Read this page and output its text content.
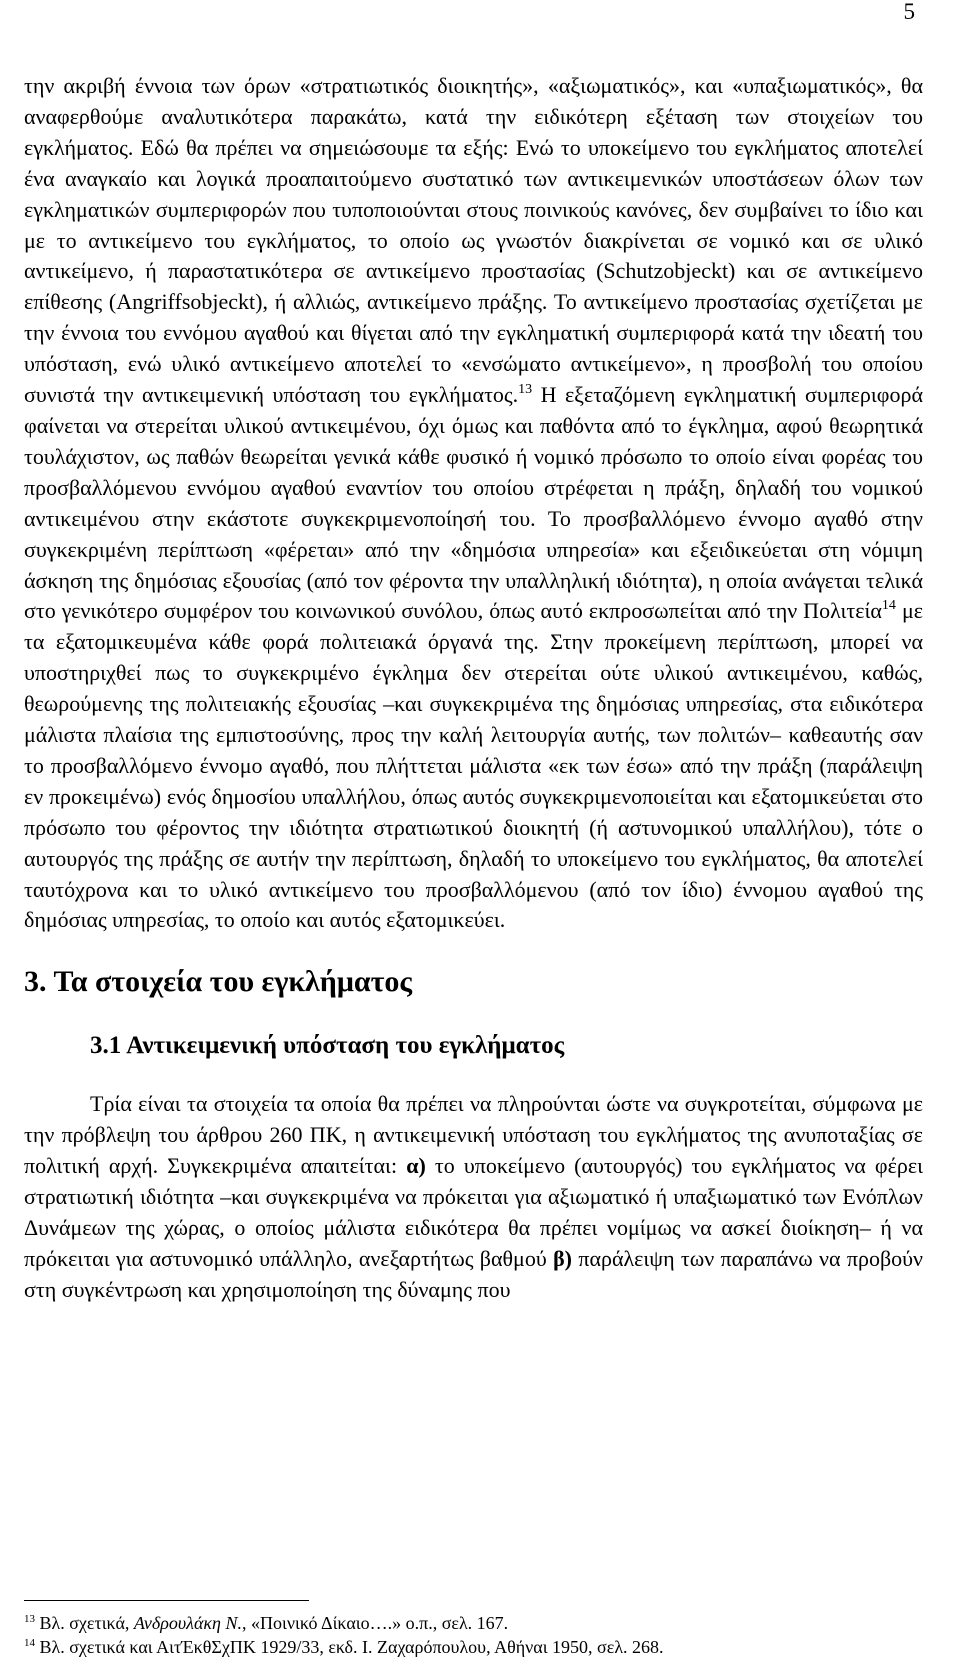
5

την ακριβή έννοια των όρων «στρατιωτικός διοικητής», «αξιωματικός», και «υπαξιωματικός», θα αναφερθούμε αναλυτικότερα παρακάτω, κατά την ειδικότερη εξέταση των στοιχείων του εγκλήματος. Εδώ θα πρέπει να σημειώσουμε τα εξής: Ενώ το υποκείμενο του εγκλήματος αποτελεί ένα αναγκαίο και λογικά προαπαιτούμενο συστατικό των αντικειμενικών υποστάσεων όλων των εγκληματικών συμπεριφορών που τυποποιούνται στους ποινικούς κανόνες, δεν συμβαίνει το ίδιο και με το αντικείμενο του εγκλήματος, το οποίο ως γνωστόν διακρίνεται σε νομικό και σε υλικό αντικείμενο, ή παραστατικότερα σε αντικείμενο προστασίας (Schutzobjeckt) και σε αντικείμενο επίθεσης (Angriffsobjeckt), ή αλλιώς, αντικείμενο πράξης. Το αντικείμενο προστασίας σχετίζεται με την έννοια του εννόμου αγαθού και θίγεται από την εγκληματική συμπεριφορά κατά την ιδεατή του υπόσταση, ενώ υλικό αντικείμενο αποτελεί το «ενσώματο αντικείμενο», η προσβολή του οποίου συνιστά την αντικειμενική υπόσταση του εγκλήματος.$^{13}$ Η εξεταζόμενη εγκληματική συμπεριφορά φαίνεται να στερείται υλικού αντικειμένου, όχι όμως και παθόντα από το έγκλημα, αφού θεωρητικά τουλάχιστον, ως παθών θεωρείται γενικά κάθε φυσικό ή νομικό πρόσωπο το οποίο είναι φορέας του προσβαλλόμενου εννόμου αγαθού εναντίον του οποίου στρέφεται η πράξη, δηλαδή του νομικού αντικειμένου στην εκάστοτε συγκεκριμενοποίησή του. Το προσβαλλόμενο έννομο αγαθό στην συγκεκριμένη περίπτωση «φέρεται» από την «δημόσια υπηρεσία» και εξειδικεύεται στη νόμιμη άσκηση της δημόσιας εξουσίας (από τον φέροντα την υπαλληλική ιδιότητα), η οποία ανάγεται τελικά στο γενικότερο συμφέρον του κοινωνικού συνόλου, όπως αυτό εκπροσωπείται από την Πολιτεία$^{14}$ με τα εξατομικευμένα κάθε φορά πολιτειακά όργανά της. Στην προκείμενη περίπτωση, μπορεί να υποστηριχθεί πως το συγκεκριμένο έγκλημα δεν στερείται ούτε υλικού αντικειμένου, καθώς, θεωρούμενης της πολιτειακής εξουσίας –και συγκεκριμένα της δημόσιας υπηρεσίας, στα ειδικότερα μάλιστα πλαίσια της εμπιστοσύνης, προς την καλή λειτουργία αυτής, των πολιτών– καθεαυτής σαν το προσβαλλόμενο έννομο αγαθό, που πλήττεται μάλιστα «εκ των έσω» από την πράξη (παράλειψη εν προκειμένω) ενός δημοσίου υπαλλήλου, όπως αυτός συγκεκριμενοποιείται και εξατομικεύεται στο πρόσωπο του φέροντος την ιδιότητα στρατιωτικού διοικητή (ή αστυνομικού υπαλλήλου), τότε ο αυτουργός της πράξης σε αυτήν την περίπτωση, δηλαδή το υποκείμενο του εγκλήματος, θα αποτελεί ταυτόχρονα και το υλικό αντικείμενο του προσβαλλόμενου (από τον ίδιο) έννομου αγαθού της δημόσιας υπηρεσίας, το οποίο και αυτός εξατομικεύει.

3. Τα στοιχεία του εγκλήματος
3.1 Αντικειμενική υπόσταση του εγκλήματος

Τρία είναι τα στοιχεία τα οποία θα πρέπει να πληρούνται ώστε να συγκροτείται, σύμφωνα με την πρόβλεψη του άρθρου 260 ΠΚ, η αντικειμενική υπόσταση του εγκλήματος της ανυποταξίας σε πολιτική αρχή. Συγκεκριμένα απαιτείται: α) το υποκείμενο (αυτουργός) του εγκλήματος να φέρει στρατιωτική ιδιότητα –και συγκεκριμένα να πρόκειται για αξιωματικό ή υπαξιωματικό των Ενόπλων Δυνάμεων της χώρας, ο οποίος μάλιστα ειδικότερα θα πρέπει νομίμως να ασκεί διοίκηση– ή να πρόκειται για αστυνομικό υπάλληλο, ανεξαρτήτως βαθμού β) παράλειψη των παραπάνω να προβούν στη συγκέντρωση και χρησιμοποίηση της δύναμης που

$^{13}$ Βλ. σχετικά, Ανδρουλάκη Ν., «Ποινικό Δίκαιο….» ο.π., σελ. 167.

$^{14}$ Βλ. σχετικά και ΑιτΈκθΣχΠΚ 1929/33, εκδ. Ι. Ζαχαρόπουλου, Αθήναι 1950, σελ. 268.
